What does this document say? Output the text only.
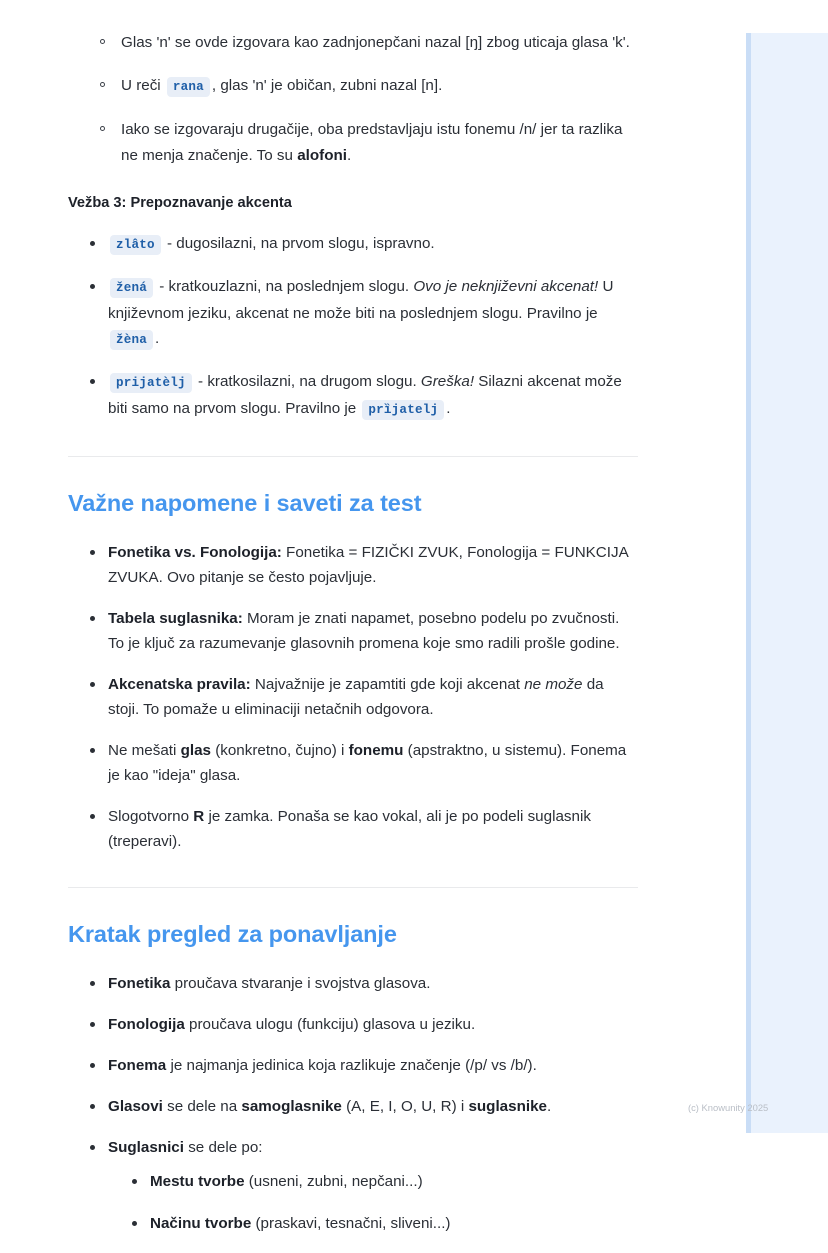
Glas 'n' se ovde izgovara kao zadnjonepčani nazal [ŋ] zbog uticaja glasa 'k'.
U reči rana , glas 'n' je običan, zubni nazal [n].
Iako se izgovaraju drugačije, oba predstavljaju istu fonemu /n/ jer ta razlika ne menja značenje. To su alofoni.
Vežba 3: Prepoznavanje akcenta
zlâto - dugosilazni, na prvom slogu, ispravno.
žená - kratkouzlazni, na poslednjem slogu. Ovo je neknjiževni akcenat! U književnom jeziku, akcenat ne može biti na poslednjem slogu. Pravilno je žèna .
prijatèlj - kratkosilazni, na drugom slogu. Greška! Silazni akcenat može biti samo na prvom slogu. Pravilno je prȉjatelj .
Važne napomene i saveti za test
Fonetika vs. Fonologija: Fonetika = FIZIČKI ZVUK, Fonologija = FUNKCIJA ZVUKA. Ovo pitanje se često pojavljuje.
Tabela suglasnika: Moram je znati napamet, posebno podelu po zvučnosti. To je ključ za razumevanje glasovnih promena koje smo radili prošle godine.
Akcenatska pravila: Najvažnije je zapamtiti gde koji akcenat ne može da stoji. To pomaže u eliminaciji netačnih odgovora.
Ne mešati glas (konkretno, čujno) i fonemu (apstraktno, u sistemu). Fonema je kao "ideja" glasa.
Slogotvorno R je zamka. Ponaša se kao vokal, ali je po podeli suglasnik (treperavi).
Kratak pregled za ponavljanje
Fonetika proučava stvaranje i svojstva glasova.
Fonologija proučava ulogu (funkciju) glasova u jeziku.
Fonema je najmanja jedinica koja razlikuje značenje (/p/ vs /b/).
Glasovi se dele na samoglasnike (A, E, I, O, U, R) i suglasnike.
Suglasnici se dele po:
Mestu tvorbe (usneni, zubni, nepčani...)
Načinu tvorbe (praskavi, tesnačni, sliveni...)
(c) Knowunity 2025
